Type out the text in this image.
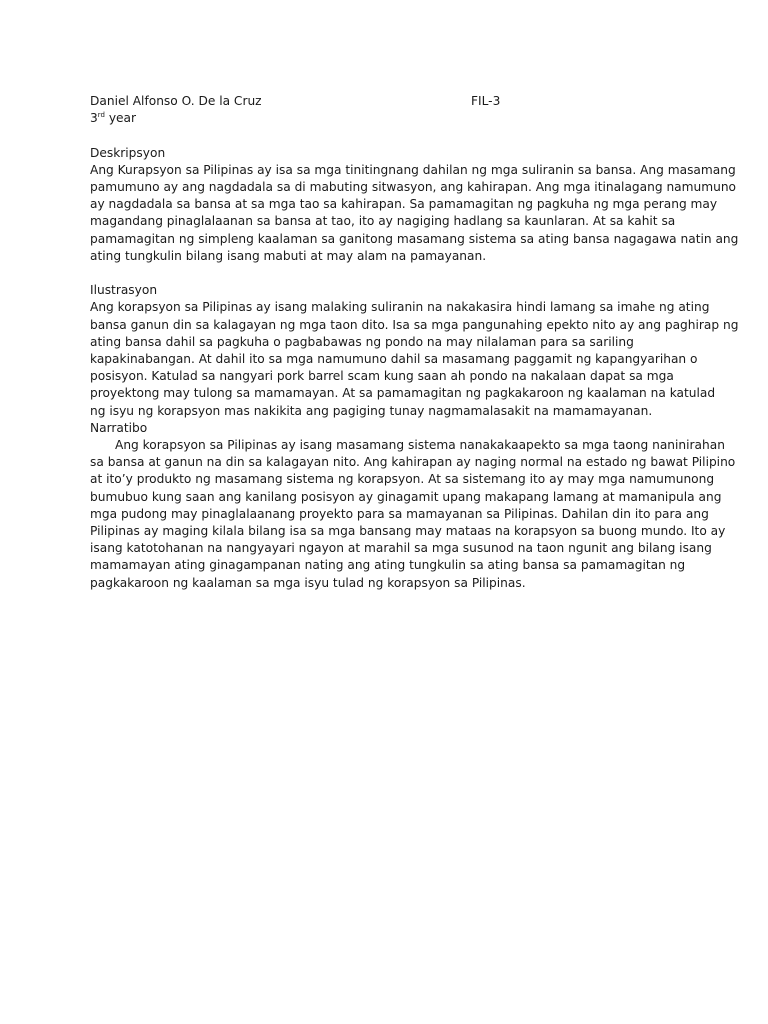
Daniel Alfonso O. De la Cruz	FIL-3
3rd year
Deskripsyon

Ang Kurapsyon sa Pilipinas ay isa sa mga tinitingnang dahilan ng mga suliranin sa bansa. Ang masamang

pamumuno ay ang nagdadala sa di mabuting sitwasyon, ang kahirapan. Ang mga itinalagang namumuno

ay nagdadala sa bansa at sa mga tao sa kahirapan. Sa pamamagitan ng pagkuha ng mga perang may

magandang pinaglalaanan sa bansa at tao, ito ay nagiging hadlang sa kaunlaran. At sa kahit sa

pamamagitan ng simpleng kaalaman sa ganitong masamang sistema sa ating bansa nagagawa natin ang

ating tungkulin bilang isang mabuti at may alam na pamayanan.

Ilustrasyon

Ang korapsyon sa Pilipinas ay isang malaking suliranin na nakakasira hindi lamang sa imahe ng ating

bansa ganun din sa kalagayan ng mga taon dito. Isa sa mga pangunahing epekto nito ay ang paghirap ng

ating bansa dahil sa pagkuha o pagbabawas ng pondo na may nilalaman para sa sariling

kapakinabangan. At dahil ito sa mga namumuno dahil sa masamang paggamit ng kapangyarihan o

posisyon. Katulad sa nangyari pork barrel scam kung saan ah pondo na nakalaan dapat sa mga

proyektong may tulong sa mamamayan. At sa pamamagitan ng pagkakaroon ng kaalaman na katulad

ng isyu ng korapsyon mas nakikita ang pagiging tunay nagmamalasakit na mamamayanan.

Narratibo

Ang korapsyon sa Pilipinas ay isang masamang sistema nanakakaapekto sa mga taong naninirahan

sa bansa at ganun na din sa kalagayan nito. Ang kahirapan ay naging normal na estado ng bawat Pilipino

at ito’y produkto ng masamang sistema ng korapsyon. At sa sistemang ito ay may mga namumunong

bumubuo kung saan ang kanilang posisyon ay ginagamit upang makapang lamang at mamanipula ang

mga pudong may pinaglalaanang proyekto para sa mamayanan sa Pilipinas. Dahilan din ito para ang

Pilipinas ay maging kilala bilang isa sa mga bansang may mataas na korapsyon sa buong mundo. Ito ay

isang katotohanan na nangyayari ngayon at marahil sa mga susunod na taon ngunit ang bilang isang

mamamayan ating ginagampanan nating ang ating tungkulin sa ating bansa sa pamamagitan ng

pagkakaroon ng kaalaman sa mga isyu tulad ng korapsyon sa Pilipinas.
